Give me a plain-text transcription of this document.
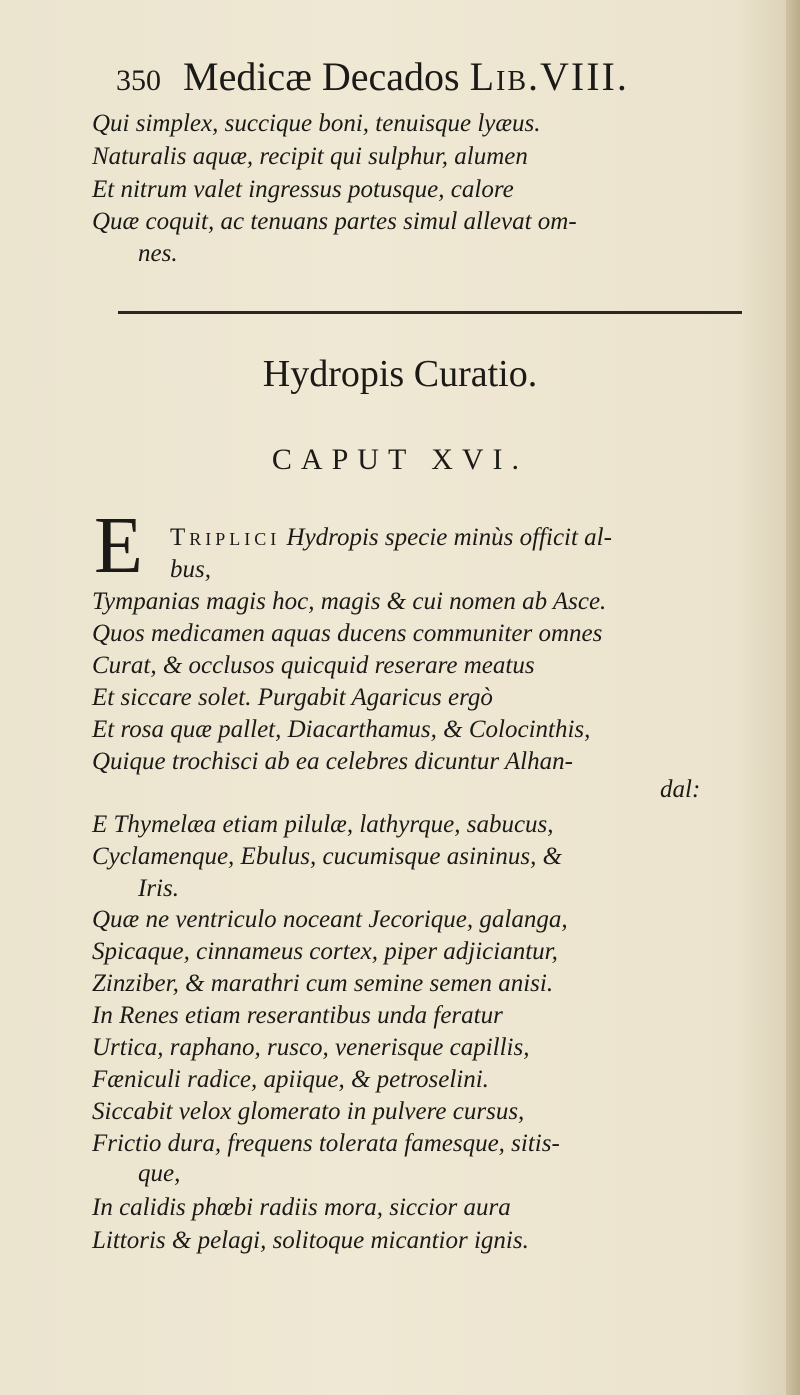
350 Medicæ Decados Lib.VIII.
Qui simplex, succique boni, tenuisque lyæus.
Naturalis aquæ, recipit qui sulphur, alumen
Et nitrum valet ingressus potusque, calore
Quæ coquit, ac tenuans partes simul allevat om-
nes.
Hydropis Curatio.
CAPUT XVI.
E Triplici Hydropis specie minùs officit al-
bus,
Tympanias magis hoc, magis & cui nomen ab Asce.
Quos medicamen aquas ducens communiter omnes
Curat, & occlusos quicquid reserare meatus
Et siccare solet. Purgabit Agaricus ergò
Et rosa quæ pallet, Diacarthamus, & Colocinthis,
Quique trochisci ab ea celebres dicuntur Alhan-
dal:
E Thymelæa etiam pilulæ, lathyrque, sabucus,
Cyclamenque, Ebulus, cucumisque asininus, &
Iris.
Quæ ne ventriculo noceant Jecorique, galanga,
Spicaque, cinnameus cortex, piper adjiciantur,
Zinziber, & marathri cum semine semen anisi.
In Renes etiam reserantibus unda feratur
Urtica, raphano, rusco, venerisque capillis,
Fæniculi radice, apiique, & petroselini.
Siccabit velox glomerato in pulvere cursus,
Frictio dura, frequens tolerata famesque, sitis-
que,
In calidis phœbi radiis mora, siccior aura
Littoris & pelagi, solitoque micantior ignis.
